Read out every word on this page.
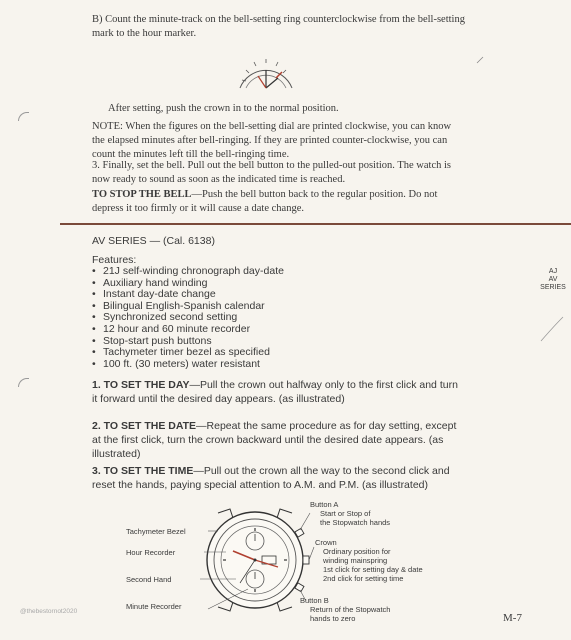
B) Count the minute-track on the bell-setting ring counterclockwise from the bell-setting mark to the hour marker.
After setting, push the crown in to the normal position.
NOTE: When the figures on the bell-setting dial are printed clockwise, you can know the elapsed minutes after bell-ringing. If they are printed counter-clockwise, you can count the minutes left till the bell-ringing time.
3. Finally, set the bell. Pull out the bell button to the pulled-out position. The watch is now ready to sound as soon as the indicated time is reached.
TO STOP THE BELL—Push the bell button back to the regular position. Do not depress it too firmly or it will cause a date change.
AV SERIES — (Cal. 6138)
Features:
• 21J self-winding chronograph day-date
• Auxiliary hand winding
• Instant day-date change
• Bilingual English-Spanish calendar
• Synchronized second setting
• 12 hour and 60 minute recorder
• Stop-start push buttons
• Tachymeter timer bezel as specified
• 100 ft. (30 meters) water resistant
1. TO SET THE DAY—Pull the crown out halfway only to the first click and turn it forward until the desired day appears. (as illustrated)
2. TO SET THE DATE—Repeat the same procedure as for day setting, except at the first click, turn the crown backward until the desired date appears. (as illustrated)
3. TO SET THE TIME—Pull out the crown all the way to the second click and reset the hands, paying special attention to A.M. and P.M. (as illustrated)
AJ
AV
SERIES
Tachymeter Bezel
Hour Recorder
Second Hand
Minute Recorder
Button A
Start or Stop of
the Stopwatch hands
Crown
Ordinary position for
winding mainspring
1st click for setting day & date
2nd click for setting time
Button B
Return of the Stopwatch
hands to zero
@thebestornot2020
M-7
